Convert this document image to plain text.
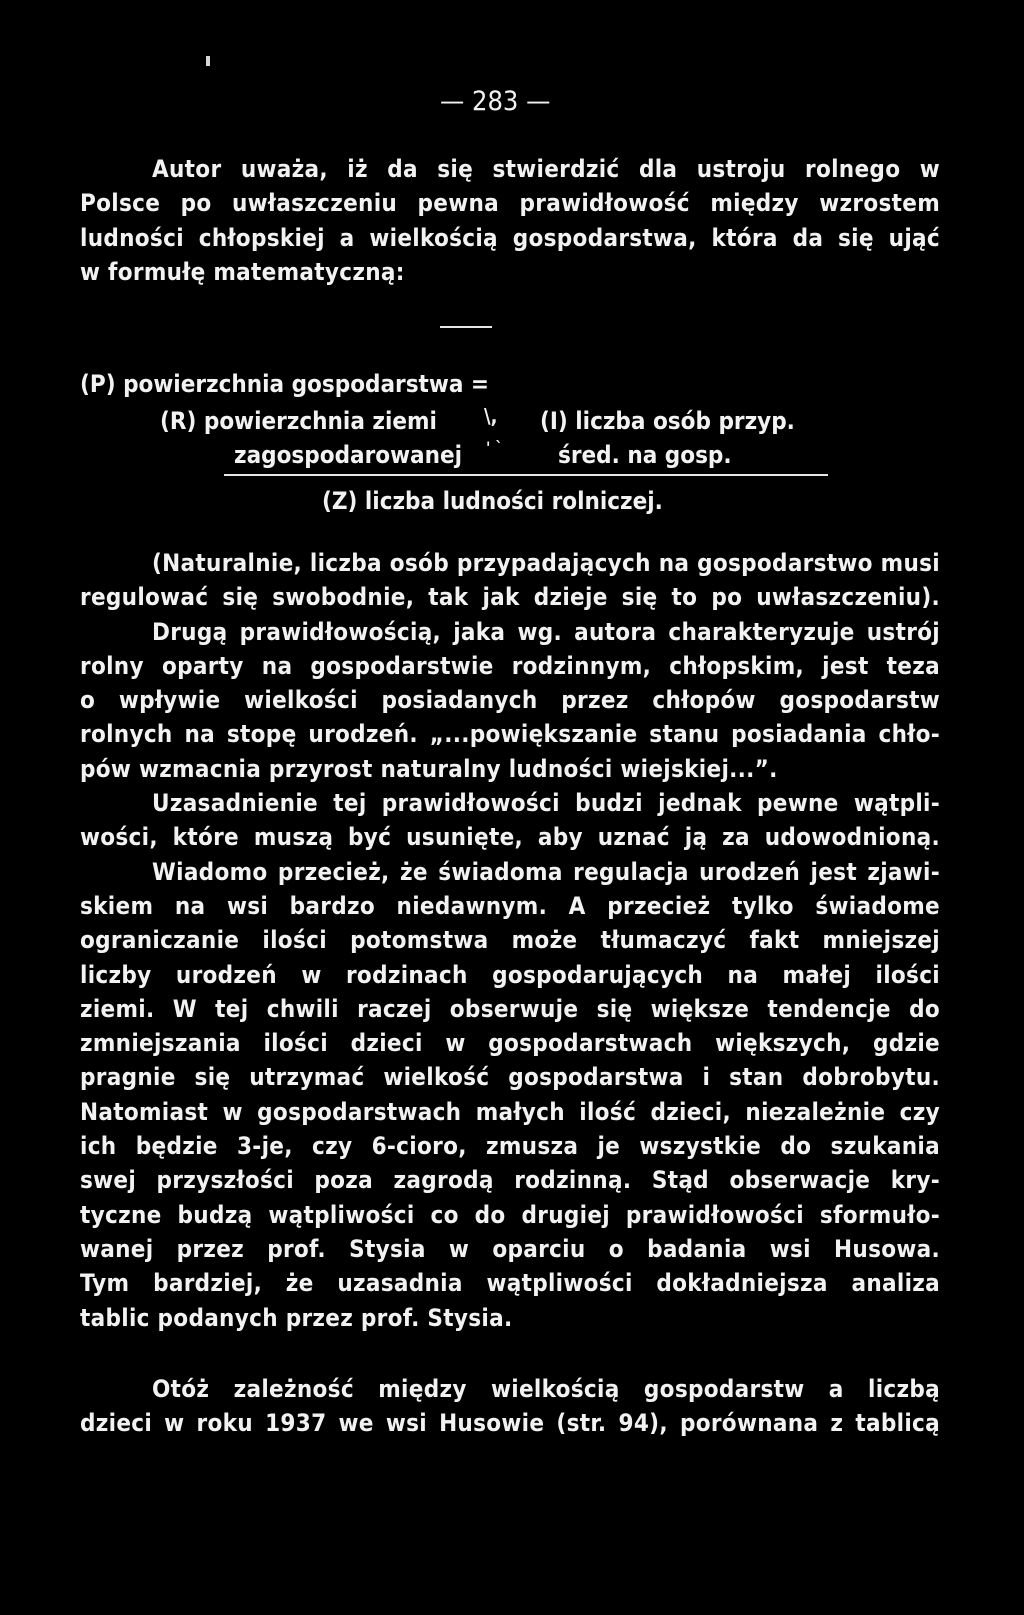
— 283 —
Autor uważa, iż da się stwierdzić dla ustroju rolnego w
Polsce po uwłaszczeniu pewna prawidłowość między wzrostem
ludności chłopskiej a wielkością gospodarstwa, która da się ująć
w formułę matematyczną:
(P) powierzchnia gospodarstwa =
(R) powierzchnia ziemi
zagospodarowanej
\,
' `
(I) liczba osób przyp.
śred. na gosp.
(Z) liczba ludności rolniczej.
(Naturalnie, liczba osób przypadających na gospodarstwo musi
regulować się swobodnie, tak jak dzieje się to po uwłaszczeniu).
Drugą prawidłowością, jaka wg. autora charakteryzuje ustrój
rolny oparty na gospodarstwie rodzinnym, chłopskim, jest teza
o wpływie wielkości posiadanych przez chłopów gospodarstw
rolnych na stopę urodzeń. „...powiększanie stanu posiadania chło-
pów wzmacnia przyrost naturalny ludności wiejskiej...”.
Uzasadnienie tej prawidłowości budzi jednak pewne wątpli-
wości, które muszą być usunięte, aby uznać ją za udowodnioną.
Wiadomo przecież, że świadoma regulacja urodzeń jest zjawi-
skiem na wsi bardzo niedawnym. A przecież tylko świadome
ograniczanie ilości potomstwa może tłumaczyć fakt mniejszej
liczby urodzeń w rodzinach gospodarujących na małej ilości
ziemi. W tej chwili raczej obserwuje się większe tendencje do
zmniejszania ilości dzieci w gospodarstwach większych, gdzie
pragnie się utrzymać wielkość gospodarstwa i stan dobrobytu.
Natomiast w gospodarstwach małych ilość dzieci, niezależnie czy
ich będzie 3-je, czy 6-cioro, zmusza je wszystkie do szukania
swej przyszłości poza zagrodą rodzinną. Stąd obserwacje kry-
tyczne budzą wątpliwości co do drugiej prawidłowości sformuło-
wanej przez prof. Stysia w oparciu o badania wsi Husowa.
Tym bardziej, że uzasadnia wątpliwości dokładniejsza analiza
tablic podanych przez prof. Stysia.
Otóż zależność między wielkością gospodarstw a liczbą
dzieci w roku 1937 we wsi Husowie (str. 94), porównana z tablicą
